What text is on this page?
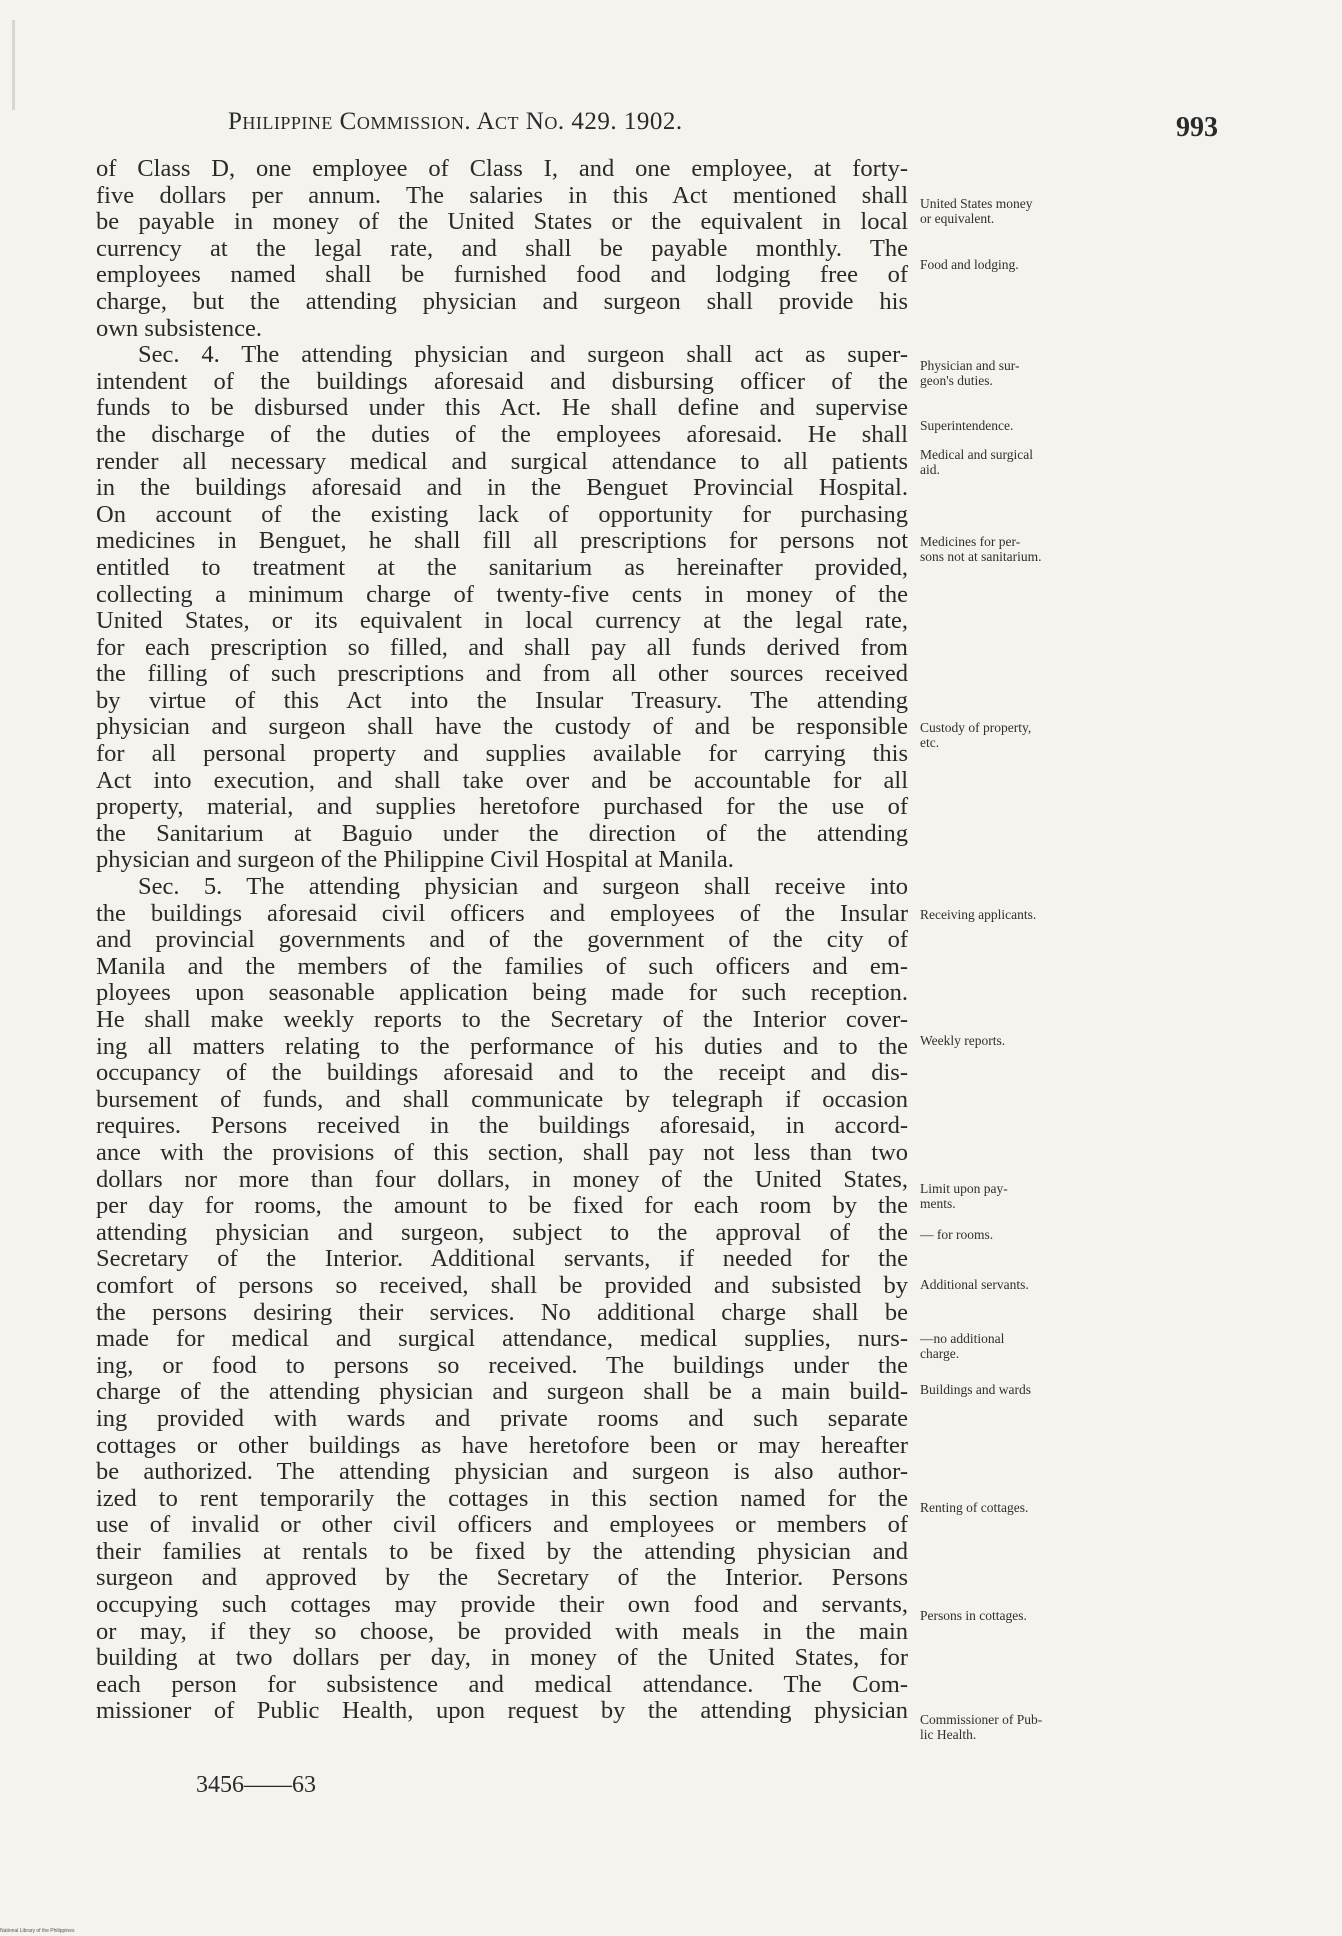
Philippine Commission. Act No. 429. 1902.	993
of Class D, one employee of Class I, and one employee, at forty-
five dollars per annum. The salaries in this Act mentioned shall
be payable in money of the United States or the equivalent in local
currency at the legal rate, and shall be payable monthly. The
employees named shall be furnished food and lodging free of
charge, but the attending physician and surgeon shall provide his
own subsistence.
Sec. 4. The attending physician and surgeon shall act as super-
intendent of the buildings aforesaid and disbursing officer of the
funds to be disbursed under this Act. He shall define and supervise
the discharge of the duties of the employees aforesaid. He shall
render all necessary medical and surgical attendance to all patients
in the buildings aforesaid and in the Benguet Provincial Hospital.
On account of the existing lack of opportunity for purchasing
medicines in Benguet, he shall fill all prescriptions for persons not
entitled to treatment at the sanitarium as hereinafter provided,
collecting a minimum charge of twenty-five cents in money of the
United States, or its equivalent in local currency at the legal rate,
for each prescription so filled, and shall pay all funds derived from
the filling of such prescriptions and from all other sources received
by virtue of this Act into the Insular Treasury. The attending
physician and surgeon shall have the custody of and be responsible
for all personal property and supplies available for carrying this
Act into execution, and shall take over and be accountable for all
property, material, and supplies heretofore purchased for the use of
the Sanitarium at Baguio under the direction of the attending
physician and surgeon of the Philippine Civil Hospital at Manila.
Sec. 5. The attending physician and surgeon shall receive into
the buildings aforesaid civil officers and employees of the Insular
and provincial governments and of the government of the city of
Manila and the members of the families of such officers and em-
ployees upon seasonable application being made for such reception.
He shall make weekly reports to the Secretary of the Interior cover-
ing all matters relating to the performance of his duties and to the
occupancy of the buildings aforesaid and to the receipt and dis-
bursement of funds, and shall communicate by telegraph if occasion
requires. Persons received in the buildings aforesaid, in accord-
ance with the provisions of this section, shall pay not less than two
dollars nor more than four dollars, in money of the United States,
per day for rooms, the amount to be fixed for each room by the
attending physician and surgeon, subject to the approval of the
Secretary of the Interior. Additional servants, if needed for the
comfort of persons so received, shall be provided and subsisted by
the persons desiring their services. No additional charge shall be
made for medical and surgical attendance, medical supplies, nurs-
ing, or food to persons so received. The buildings under the
charge of the attending physician and surgeon shall be a main build-
ing provided with wards and private rooms and such separate
cottages or other buildings as have heretofore been or may hereafter
be authorized. The attending physician and surgeon is also author-
ized to rent temporarily the cottages in this section named for the
use of invalid or other civil officers and employees or members of
their families at rentals to be fixed by the attending physician and
surgeon and approved by the Secretary of the Interior. Persons
occupying such cottages may provide their own food and servants,
or may, if they so choose, be provided with meals in the main
building at two dollars per day, in money of the United States, for
each person for subsistence and medical attendance. The Com-
missioner of Public Health, upon request by the attending physician
United States money
or equivalent.
Food and lodging.
Physician and sur-
geon's duties.
Superintendence.
Medical and surgical
aid.
Medicines for per-
sons not at sanitarium.
Custody of property,
etc.
Receiving applicants.
Weekly reports.
Limit upon pay-
ments.
— for rooms.
Additional servants.
—no additional
charge.
Buildings and wards
Renting of cottages.
Persons in cottages.
Commissioner of Pub-
lic Health.
3456——63
National Library of the Philippines
